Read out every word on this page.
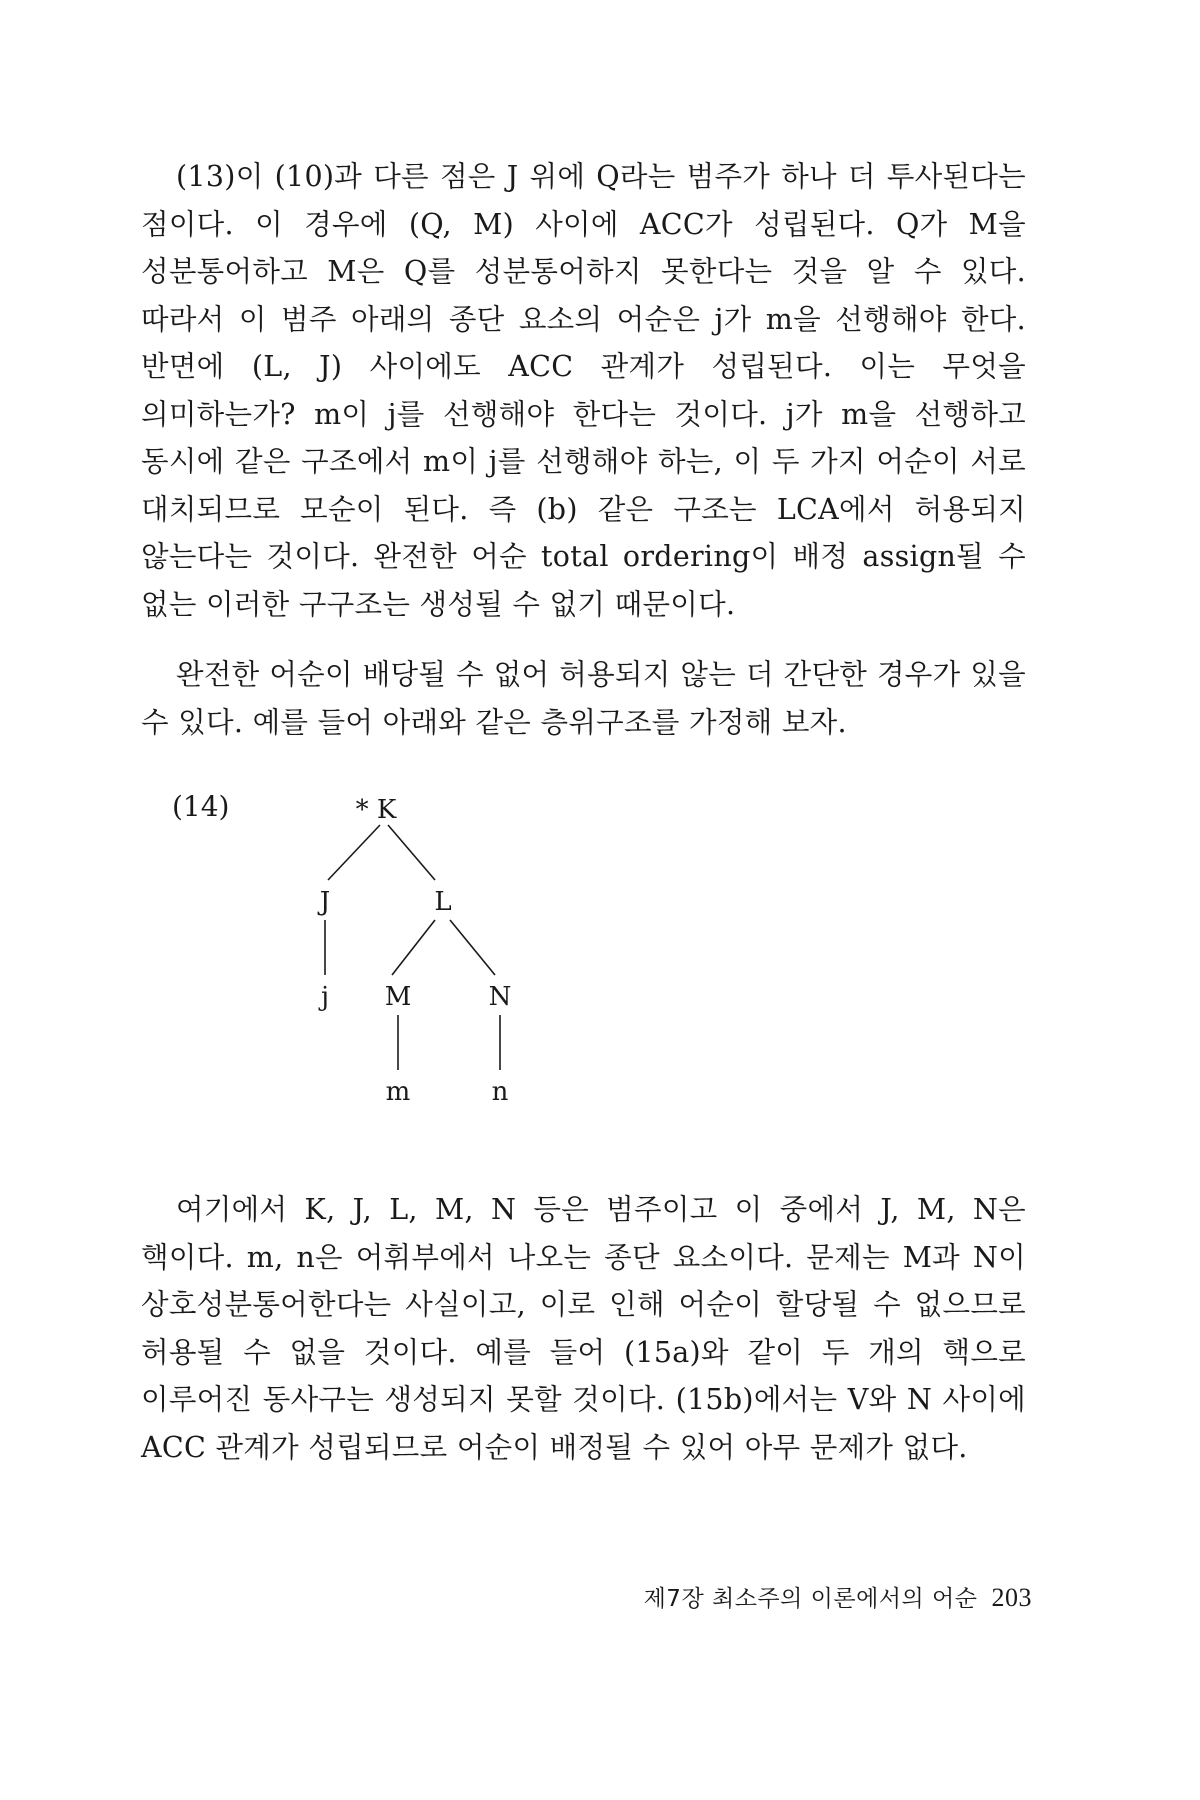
(13)이 (10)과 다른 점은 J 위에 Q라는 범주가 하나 더 투사된다는 점이다. 이 경우에 (Q, M) 사이에 ACC가 성립된다. Q가 M을 성분통어하고 M은 Q를 성분통어하지 못한다는 것을 알 수 있다. 따라서 이 범주 아래의 종단 요소의 어순은 j가 m을 선행해야 한다. 반면에 (L, J) 사이에도 ACC 관계가 성립된다. 이는 무엇을 의미하는가? m이 j를 선행해야 한다는 것이다. j가 m을 선행하고 동시에 같은 구조에서 m이 j를 선행해야 하는, 이 두 가지 어순이 서로 대치되므로 모순이 된다. 즉 (b) 같은 구조는 LCA에서 허용되지 않는다는 것이다. 완전한 어순 total ordering이 배정 assign될 수 없는 이러한 구구조는 생성될 수 없기 때문이다.

완전한 어순이 배당될 수 없어 허용되지 않는 더 간단한 경우가 있을 수 있다. 예를 들어 아래와 같은 층위구조를 가정해 보자.

(14)	* K
J	L
j M	N
m	n

여기에서 K, J, L, M, N 등은 범주이고 이 중에서 J, M, N은 핵이다. m, n은 어휘부에서 나오는 종단 요소이다. 문제는 M과 N이 상호성분통어한다는 사실이고, 이로 인해 어순이 할당될 수 없으므로 허용될 수 없을 것이다. 예를 들어 (15a)와 같이 두 개의 핵으로 이루어진 동사구는 생성되지 못할 것이다. (15b)에서는 V와 N 사이에 ACC 관계가 성립되므로 어순이 배정될 수 있어 아무 문제가 없다.

제7장 최소주의 이론에서의 어순 203
